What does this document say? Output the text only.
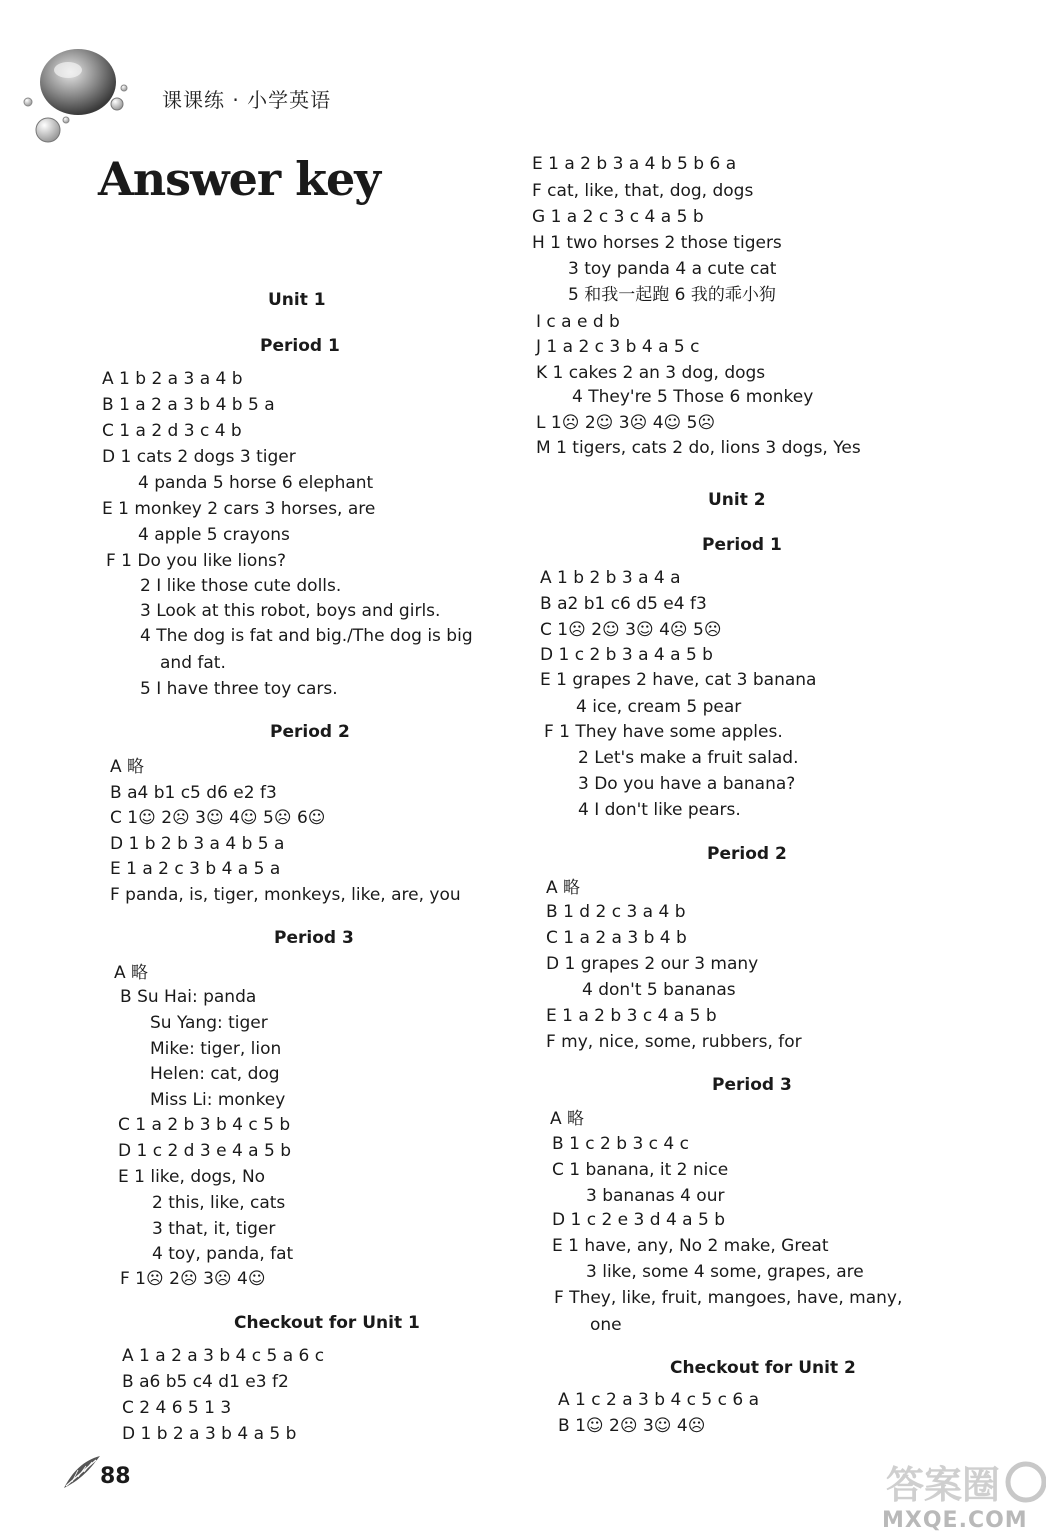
课课练 · 小学英语
Answer key
Unit 1
Period 1
A 1 b 2 a 3 a 4 b
B 1 a 2 a 3 b 4 b 5 a
C 1 a 2 d 3 c 4 b
D 1 cats 2 dogs 3 tiger
4 panda 5 horse 6 elephant
E 1 monkey 2 cars 3 horses, are
4 apple 5 crayons
F 1 Do you like lions?
2 I like those cute dolls.
3 Look at this robot, boys and girls.
4 The dog is fat and big./The dog is big
and fat.
5 I have three toy cars.
Period 2
A 略
B a4 b1 c5 d6 e2 f3
C 1☺ 2☹ 3☺ 4☺ 5☹ 6☺
D 1 b 2 b 3 a 4 b 5 a
E 1 a 2 c 3 b 4 a 5 a
F panda, is, tiger, monkeys, like, are, you
Period 3
A 略
B Su Hai: panda
Su Yang: tiger
Mike: tiger, lion
Helen: cat, dog
Miss Li: monkey
C 1 a 2 b 3 b 4 c 5 b
D 1 c 2 d 3 e 4 a 5 b
E 1 like, dogs, No
2 this, like, cats
3 that, it, tiger
4 toy, panda, fat
F 1☹ 2☹ 3☹ 4☺
Checkout for Unit 1
A 1 a 2 a 3 b 4 c 5 a 6 c
B a6 b5 c4 d1 e3 f2
C 2 4 6 5 1 3
D 1 b 2 a 3 b 4 a 5 b
E 1 a 2 b 3 a 4 b 5 b 6 a
F cat, like, that, dog, dogs
G 1 a 2 c 3 c 4 a 5 b
H 1 two horses 2 those tigers
3 toy panda 4 a cute cat
5 和我一起跑 6 我的乖小狗
I c a e d b
J 1 a 2 c 3 b 4 a 5 c
K 1 cakes 2 an 3 dog, dogs
4 They're 5 Those 6 monkey
L 1☹ 2☺ 3☹ 4☺ 5☹
M 1 tigers, cats 2 do, lions 3 dogs, Yes
Unit 2
Period 1
A 1 b 2 b 3 a 4 a
B a2 b1 c6 d5 e4 f3
C 1☹ 2☺ 3☺ 4☹ 5☹
D 1 c 2 b 3 a 4 a 5 b
E 1 grapes 2 have, cat 3 banana
4 ice, cream 5 pear
F 1 They have some apples.
2 Let's make a fruit salad.
3 Do you have a banana?
4 I don't like pears.
Period 2
A 略
B 1 d 2 c 3 a 4 b
C 1 a 2 a 3 b 4 b
D 1 grapes 2 our 3 many
4 don't 5 bananas
E 1 a 2 b 3 c 4 a 5 b
F my, nice, some, rubbers, for
Period 3
A 略
B 1 c 2 b 3 c 4 c
C 1 banana, it 2 nice
3 bananas 4 our
D 1 c 2 e 3 d 4 a 5 b
E 1 have, any, No 2 make, Great
3 like, some 4 some, grapes, are
F They, like, fruit, mangoes, have, many,
one
Checkout for Unit 2
A 1 c 2 a 3 b 4 c 5 c 6 a
B 1☺ 2☹ 3☺ 4☹
88	答案圈
MXQE.COM
